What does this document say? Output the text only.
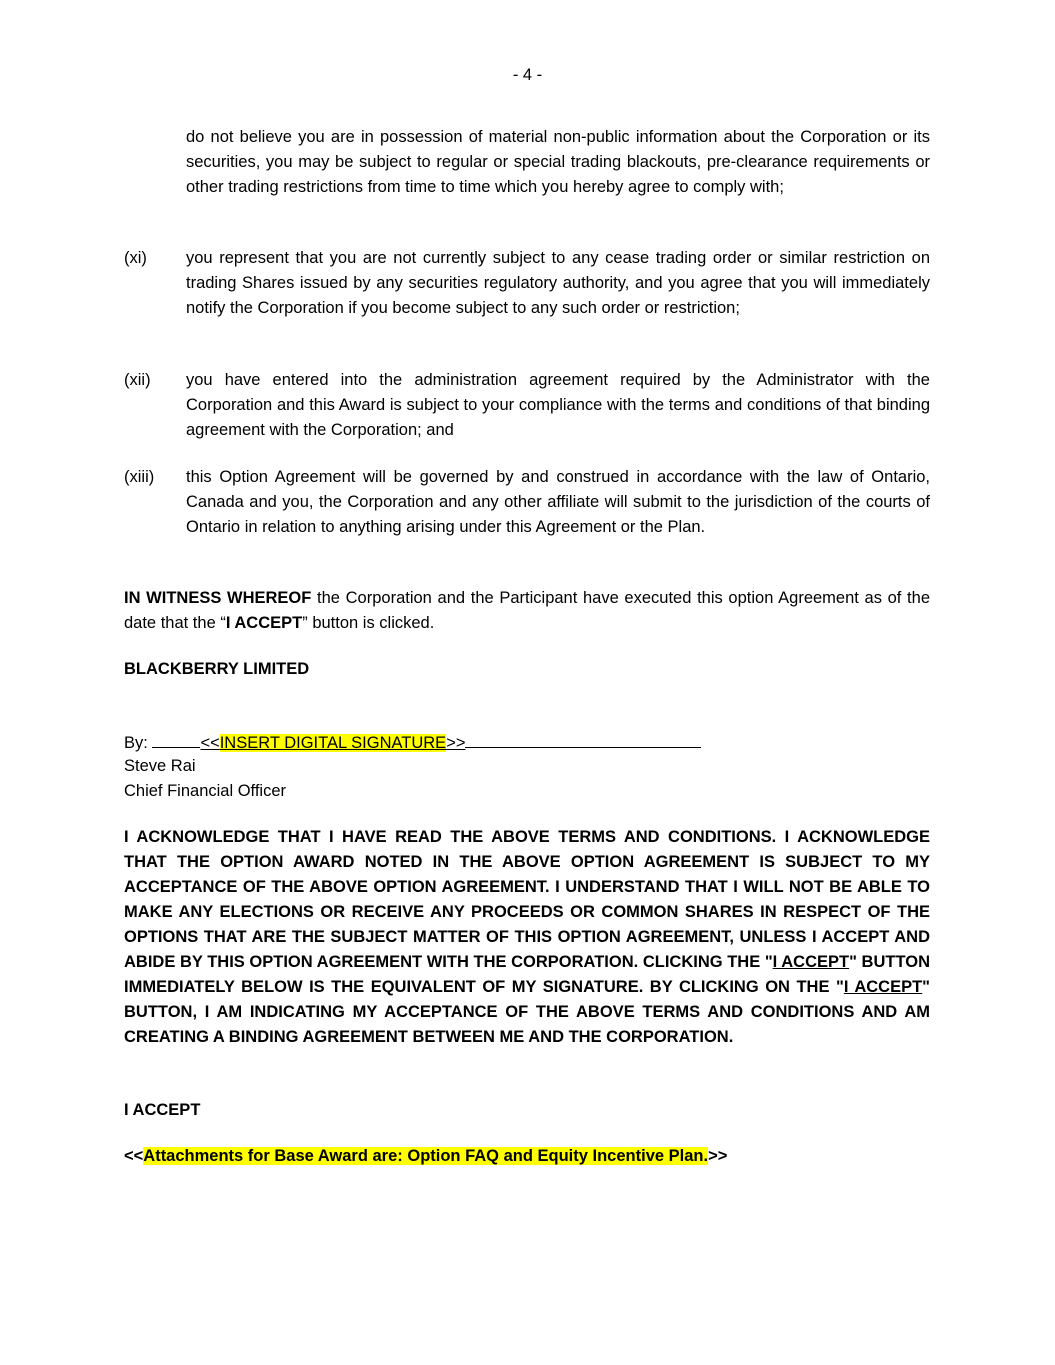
- 4 -
do not believe you are in possession of material non-public information about the Corporation or its securities, you may be subject to regular or special trading blackouts, pre-clearance requirements or other trading restrictions from time to time which you hereby agree to comply with;
(xi) you represent that you are not currently subject to any cease trading order or similar restriction on trading Shares issued by any securities regulatory authority, and you agree that you will immediately notify the Corporation if you become subject to any such order or restriction;
(xii) you have entered into the administration agreement required by the Administrator with the Corporation and this Award is subject to your compliance with the terms and conditions of that binding agreement with the Corporation; and
(xiii) this Option Agreement will be governed by and construed in accordance with the law of Ontario, Canada and you, the Corporation and any other affiliate will submit to the jurisdiction of the courts of Ontario in relation to anything arising under this Agreement or the Plan.
IN WITNESS WHEREOF the Corporation and the Participant have executed this option Agreement as of the date that the “I ACCEPT” button is clicked.
BLACKBERRY LIMITED
By:	<<INSERT DIGITAL SIGNATURE>>
Steve Rai
Chief Financial Officer
I ACKNOWLEDGE THAT I HAVE READ THE ABOVE TERMS AND CONDITIONS. I ACKNOWLEDGE THAT THE OPTION AWARD NOTED IN THE ABOVE OPTION AGREEMENT IS SUBJECT TO MY ACCEPTANCE OF THE ABOVE OPTION AGREEMENT. I UNDERSTAND THAT I WILL NOT BE ABLE TO MAKE ANY ELECTIONS OR RECEIVE ANY PROCEEDS OR COMMON SHARES IN RESPECT OF THE OPTIONS THAT ARE THE SUBJECT MATTER OF THIS OPTION AGREEMENT, UNLESS I ACCEPT AND ABIDE BY THIS OPTION AGREEMENT WITH THE CORPORATION. CLICKING THE "I ACCEPT" BUTTON IMMEDIATELY BELOW IS THE EQUIVALENT OF MY SIGNATURE. BY CLICKING ON THE "I ACCEPT" BUTTON, I AM INDICATING MY ACCEPTANCE OF THE ABOVE TERMS AND CONDITIONS AND AM CREATING A BINDING AGREEMENT BETWEEN ME AND THE CORPORATION.
I ACCEPT
<<Attachments for Base Award are: Option FAQ and Equity Incentive Plan.>>
